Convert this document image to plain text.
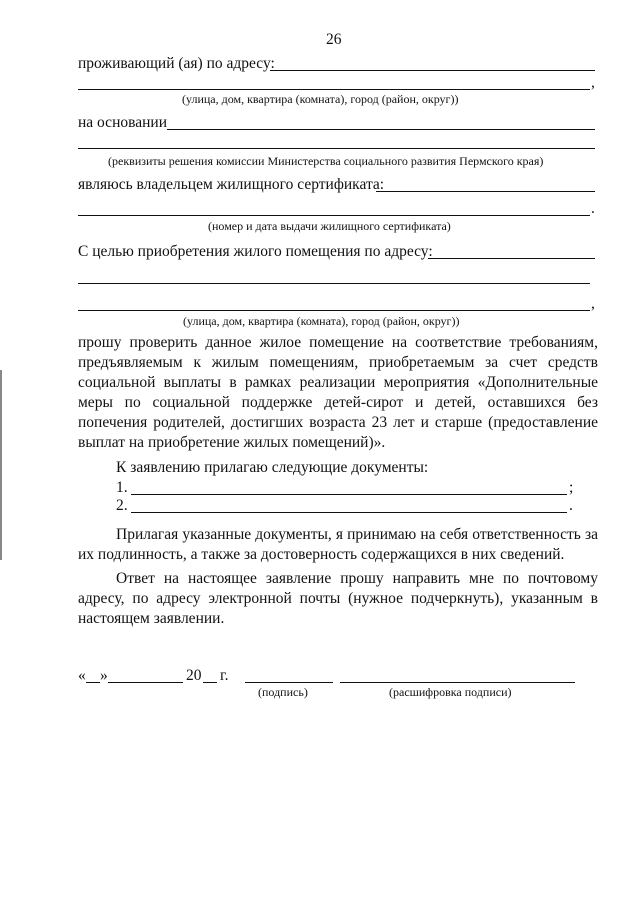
26
проживающий (ая) по адресу:
,
(улица, дом, квартира (комната), город (район, округ))
на основании
(реквизиты решения комиссии Министерства социального развития Пермского края)
являюсь владельцем жилищного сертификата:
.
(номер и дата выдачи жилищного сертификата)
С целью приобретения жилого помещения по адресу:
,
(улица, дом, квартира (комната), город (район, округ))
прошу проверить данное жилое помещение на соответствие требованиям, предъявляемым к жилым помещениям, приобретаемым за счет средств социальной выплаты в рамках реализации мероприятия «Дополнительные меры по социальной поддержке детей-сирот и детей, оставшихся без попечения родителей, достигших возраста 23 лет и старше (предоставление выплат на приобретение жилых помещений)».
К заявлению прилагаю следующие документы:
1.	;
2.	.
Прилагая указанные документы, я принимаю на себя ответственность за их подлинность, а также за достоверность содержащихся в них сведений.
Ответ на настоящее заявление прошу направить мне по почтовому адресу, по адресу электронной почты (нужное подчеркнуть), указанным в настоящем заявлении.
« »	20 г.
(подпись)	(расшифровка подписи)
